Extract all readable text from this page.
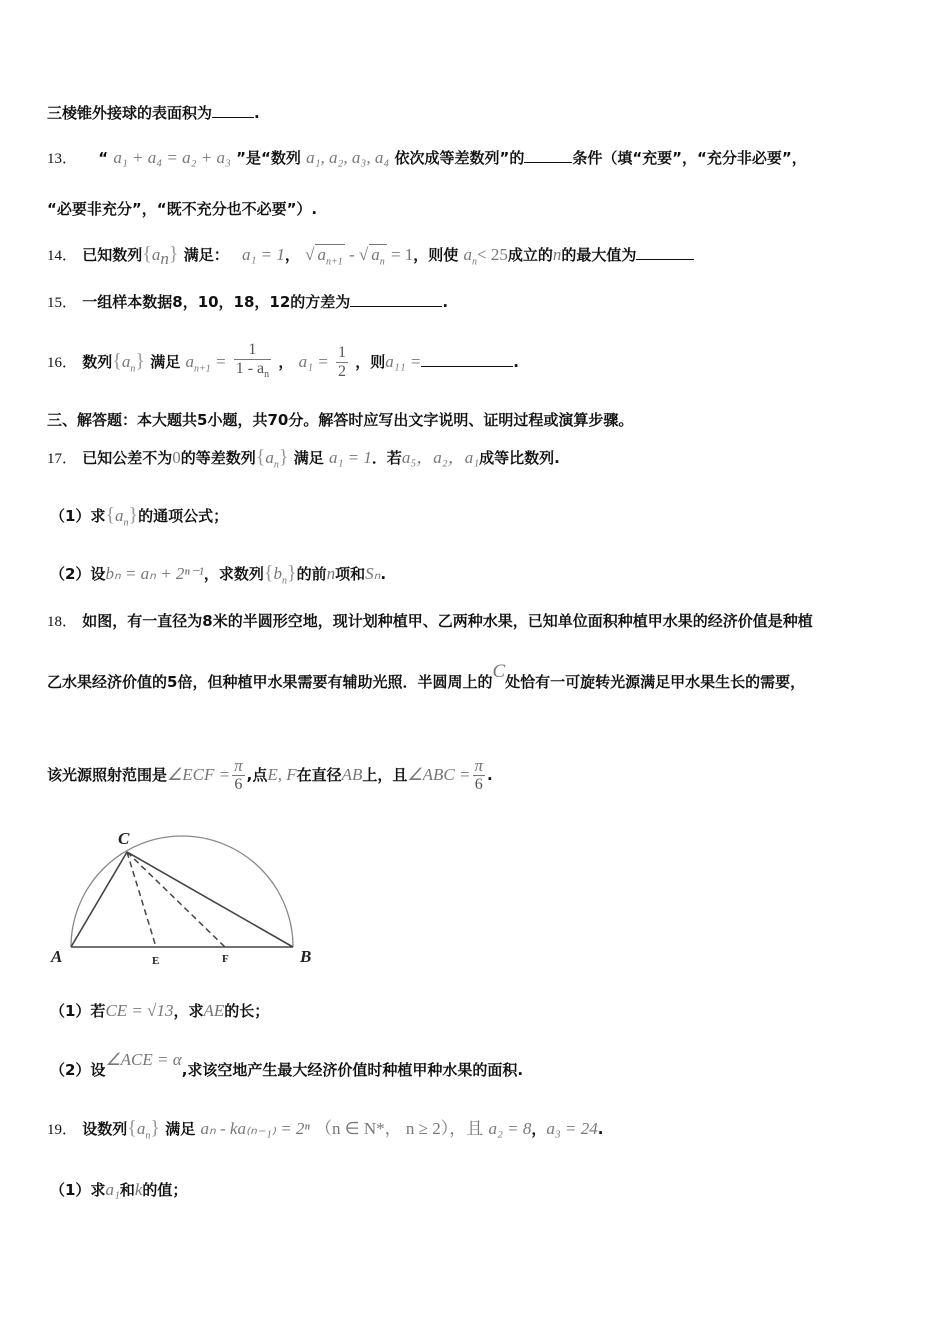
三棱锥外接球的表面积为	.
13． “ a₁ + a₄ = a₂ + a₃ ”是“数列 a₁, a₂, a₃, a₄ 依次成等差数列”的	条件（填“充要”，“充分非必要”，
“必要非充分”，“既不充分也不必要”）.
14． 已知数列$\{a_n\}$ 满足： a₁ = 1， √ $a_{n+1}$ - √ $a_n = 1$，则使 $a_n< 25$成立的n的最大值为
15． 一组样本数据8，10，18，12的方差为	.
16． 数列$\{a_n\}$ 满足 $a_{n+1} = \frac{1}{1 - a_n}$ ， $a_1 = \frac{1}{2}$ ，则a₁₁ =	.
三、解答题：本大题共5小题，共70分。解答时应写出文字说明、证明过程或演算步骤。
17． 已知公差不为0的等差数列$\{a_n\}$ 满足 a₁ = 1．若a₅，a₂，a₁成等比数列.
（1）求$\{a_n\}$的通项公式；
（2）设bₙ = aₙ + 2ⁿ⁻¹，求数列$\{b_n\}$的前n项和Sₙ.
18． 如图，有一直径为8米的半圆形空地，现计划种植甲、乙两种水果，已知单位面积种植甲水果的经济价值是种植
乙水果经济价值的5倍，但种植甲水果需要有辅助光照．半圆周上的C处恰有一可旋转光源满足甲水果生长的需要，
该光源照射范围是∠ECF = $\frac{\pi}{6}$ ,点E, F在直径AB上，且∠ABC = $\frac{\pi}{6}$ .
C
A	B
E	F
（1）若CE = √13，求AE的长；
（2）设∠ACE = α,求该空地产生最大经济价值时种植甲种水果的面积.
19． 设数列$\{a_n\}$ 满足 aₙ - ka₍ₙ₋₁₎ = 2ⁿ （n ∈ N*， n ≥ 2），且 a₂ = 8，a₃ = 24.
（1）求a₁和k的值；
